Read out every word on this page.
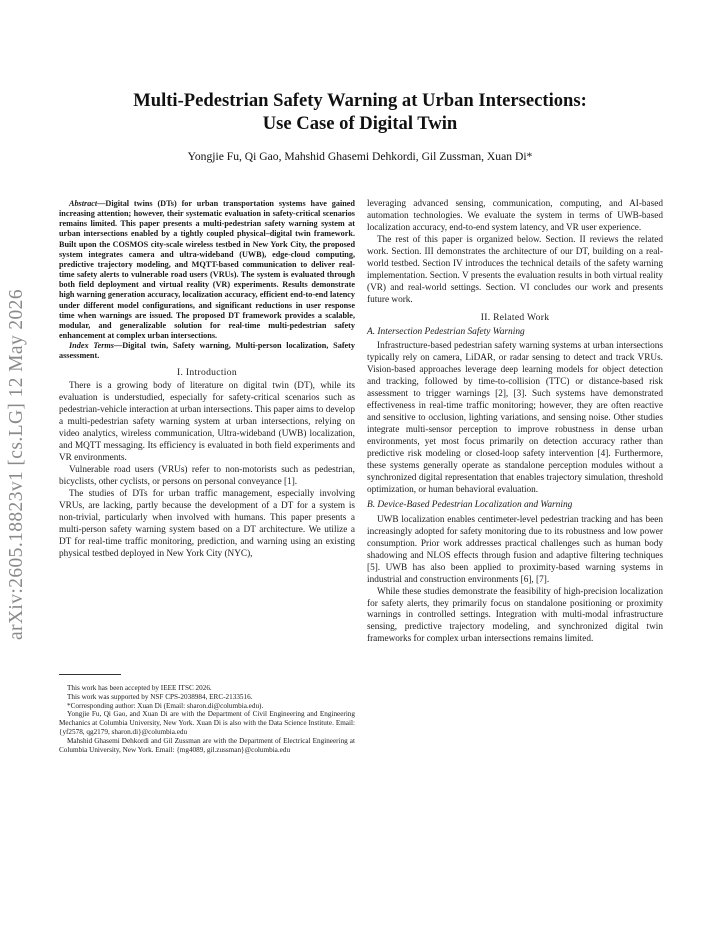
arXiv:2605.18823v1 [cs.LG] 12 May 2026
Multi-Pedestrian Safety Warning at Urban Intersections:
Use Case of Digital Twin
Yongjie Fu, Qi Gao, Mahshid Ghasemi Dehkordi, Gil Zussman, Xuan Di*

Abstract—Digital twins (DTs) for urban transportation systems have gained increasing attention; however, their systematic evaluation in safety-critical scenarios remains limited. This paper presents a multi-pedestrian safety warning system at urban intersections enabled by a tightly coupled physical–digital twin framework. Built upon the COSMOS city-scale wireless testbed in New York City, the proposed system integrates camera and ultra-wideband (UWB), edge-cloud computing, predictive trajectory modeling, and MQTT-based communication to deliver real-time safety alerts to vulnerable road users (VRUs). The system is evaluated through both field deployment and virtual reality (VR) experiments. Results demonstrate high warning generation accuracy, localization accuracy, efficient end-to-end latency under different model configurations, and significant reductions in user response time when warnings are issued. The proposed DT framework provides a scalable, modular, and generalizable solution for real-time multi-pedestrian safety enhancement at complex urban intersections.

Index Terms—Digital twin, Safety warning, Multi-person localization, Safety assessment.

I. Introduction

There is a growing body of literature on digital twin (DT), while its evaluation is understudied, especially for safety-critical scenarios such as pedestrian-vehicle interaction at urban intersections. This paper aims to develop a multi-pedestrian safety warning system at urban intersections, relying on video analytics, wireless communication, Ultra-wideband (UWB) localization, and MQTT messaging. Its efficiency is evaluated in both field experiments and VR environments.

Vulnerable road users (VRUs) refer to non-motorists such as pedestrian, bicyclists, other cyclists, or persons on personal conveyance [1].

The studies of DTs for urban traffic management, especially involving VRUs, are lacking, partly because the development of a DT for a system is non-trivial, particularly when involved with humans. This paper presents a multi-person safety warning system based on a DT architecture. We utilize a DT for real-time traffic monitoring, prediction, and warning using an existing physical testbed deployed in New York City (NYC),

This work has been accepted by IEEE ITSC 2026.

This work was supported by NSF CPS-2038984, ERC-2133516.

*Corresponding author: Xuan Di (Email: sharon.di@columbia.edu).

Yongjie Fu, Qi Gao, and Xuan Di are with the Department of Civil Engineering and Engineering Mechanics at Columbia University, New York. Xuan Di is also with the Data Science Institute. Email:{yf2578, qg2179, sharon.di}@columbia.edu

Mahshid Ghasemi Dehkordi and Gil Zussman are with the Department of Electrical Engineering at Columbia University, New York. Email: {mg4089, gil.zussman}@columbia.edu

leveraging advanced sensing, communication, computing, and AI-based automation technologies. We evaluate the system in terms of UWB-based localization accuracy, end-to-end system latency, and VR user experience.

The rest of this paper is organized below. Section. II reviews the related work. Section. III demonstrates the architecture of our DT, building on a real-world testbed. Section IV introduces the technical details of the safety warning implementation. Section. V presents the evaluation results in both virtual reality (VR) and real-world settings. Section. VI concludes our work and presents future work.

II. Related Work
A. Intersection Pedestrian Safety Warning

Infrastructure-based pedestrian safety warning systems at urban intersections typically rely on camera, LiDAR, or radar sensing to detect and track VRUs. Vision-based approaches leverage deep learning models for object detection and tracking, followed by time-to-collision (TTC) or distance-based risk assessment to trigger warnings [2], [3]. Such systems have demonstrated effectiveness in real-time traffic monitoring; however, they are often reactive and sensitive to occlusion, lighting variations, and sensing noise. Other studies integrate multi-sensor perception to improve robustness in dense urban environments, yet most focus primarily on detection accuracy rather than predictive risk modeling or closed-loop safety intervention [4]. Furthermore, these systems generally operate as standalone perception modules without a synchronized digital representation that enables trajectory simulation, threshold optimization, or human behavioral evaluation.

B. Device-Based Pedestrian Localization and Warning

UWB localization enables centimeter-level pedestrian tracking and has been increasingly adopted for safety monitoring due to its robustness and low power consumption. Prior work addresses practical challenges such as human body shadowing and NLOS effects through fusion and adaptive filtering techniques [5]. UWB has also been applied to proximity-based warning systems in industrial and construction environments [6], [7].

While these studies demonstrate the feasibility of high-precision localization for safety alerts, they primarily focus on standalone positioning or proximity warnings in controlled settings. Integration with multi-modal infrastructure sensing, predictive trajectory modeling, and synchronized digital twin frameworks for complex urban intersections remains limited.
